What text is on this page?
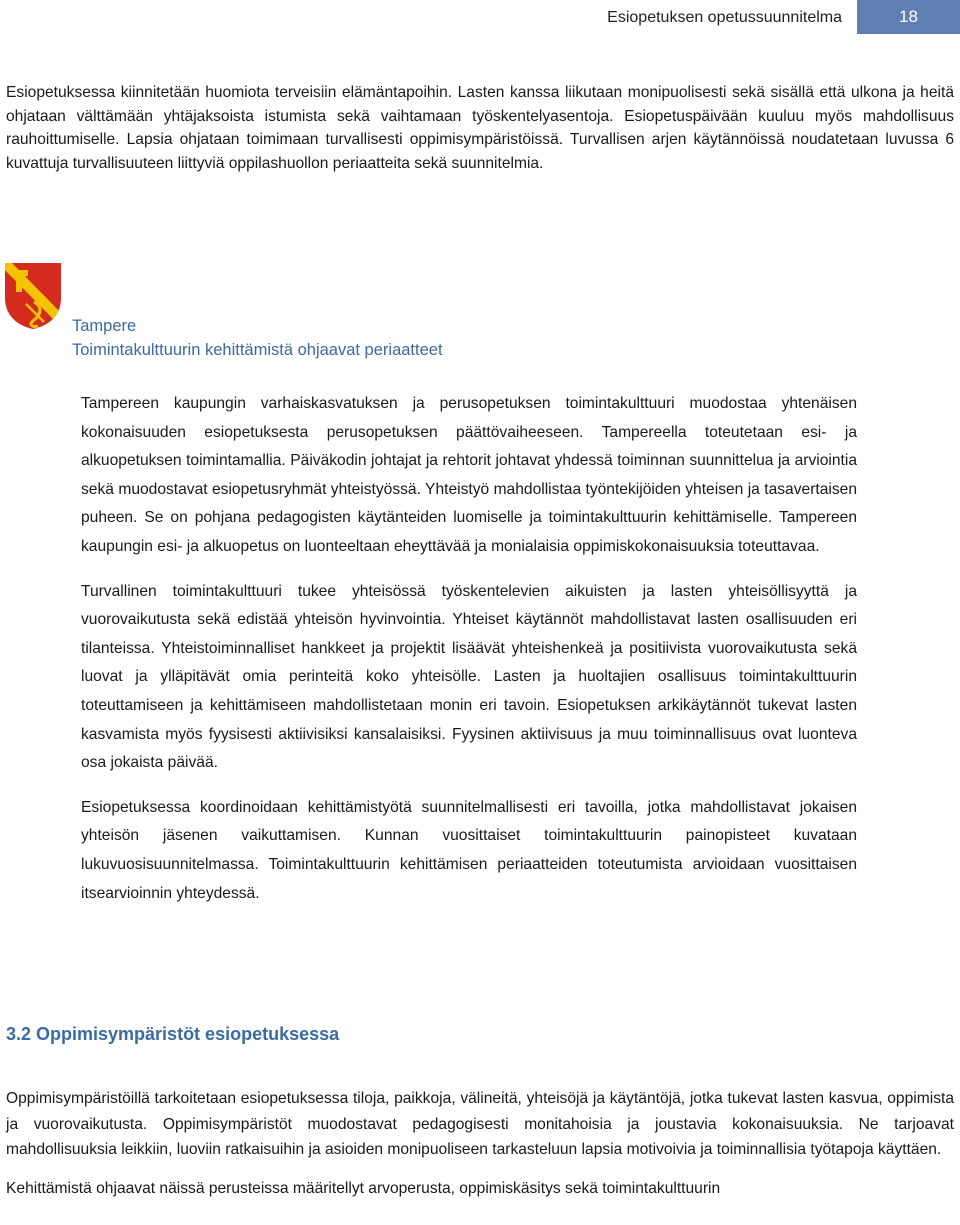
Esiopetuksen opetussuunnitelma	18

Esiopetuksessa kiinnitetään huomiota terveisiin elämäntapoihin. Lasten kanssa liikutaan monipuolisesti sekä sisällä että ulkona ja heitä ohjataan välttämään yhtäjaksoista istumista sekä vaihtamaan työskentelyasentoja. Esiopetuspäivään kuuluu myös mahdollisuus rauhoittumiselle. Lapsia ohjataan toimimaan turvallisesti oppimisympäristöissä. Turvallisen arjen käytännöissä noudatetaan luvussa 6 kuvattuja turvallisuuteen liittyviä oppilashuollon periaatteita sekä suunnitelmia.

Tampere
Toimintakulttuurin kehittämistä ohjaavat periaatteet

Tampereen kaupungin varhaiskasvatuksen ja perusopetuksen toimintakulttuuri muodostaa yhtenäisen kokonaisuuden esiopetuksesta perusopetuksen päättövaiheeseen. Tampereella toteutetaan esi- ja alkuopetuksen toimintamallia. Päiväkodin johtajat ja rehtorit johtavat yhdessä toiminnan suunnittelua ja arviointia sekä muodostavat esiopetusryhmät yhteistyössä. Yhteistyö mahdollistaa työntekijöiden yhteisen ja tasavertaisen puheen. Se on pohjana pedagogisten käytänteiden luomiselle ja toimintakulttuurin kehittämiselle. Tampereen kaupungin esi- ja alkuopetus on luonteeltaan eheyttävää ja monialaisia oppimiskokonaisuuksia toteuttavaa.

Turvallinen toimintakulttuuri tukee yhteisössä työskentelevien aikuisten ja lasten yhteisöllisyyttä ja vuorovaikutusta sekä edistää yhteisön hyvinvointia. Yhteiset käytännöt mahdollistavat lasten osallisuuden eri tilanteissa. Yhteistoiminnalliset hankkeet ja projektit lisäävät yhteishenkeä ja positiivista vuorovaikutusta sekä luovat ja ylläpitävät omia perinteitä koko yhteisölle. Lasten ja huoltajien osallisuus toimintakulttuurin toteuttamiseen ja kehittämiseen mahdollistetaan monin eri tavoin. Esiopetuksen arkikäytännöt tukevat lasten kasvamista myös fyysisesti aktiivisiksi kansalaisiksi. Fyysinen aktiivisuus ja muu toiminnallisuus ovat luonteva osa jokaista päivää.

Esiopetuksessa koordinoidaan kehittämistyötä suunnitelmallisesti eri tavoilla, jotka mahdollistavat jokaisen yhteisön jäsenen vaikuttamisen. Kunnan vuosittaiset toimintakulttuurin painopisteet kuvataan lukuvuosisuunnitelmassa. Toimintakulttuurin kehittämisen periaatteiden toteutumista arvioidaan vuosittaisen itsearvioinnin yhteydessä.

3.2 Oppimisympäristöt esiopetuksessa

Oppimisympäristöillä tarkoitetaan esiopetuksessa tiloja, paikkoja, välineitä, yhteisöjä ja käytäntöjä, jotka tukevat lasten kasvua, oppimista ja vuorovaikutusta. Oppimisympäristöt muodostavat pedagogisesti monitahoisia ja joustavia kokonaisuuksia. Ne tarjoavat mahdollisuuksia leikkiin, luoviin ratkaisuihin ja asioiden monipuoliseen tarkasteluun lapsia motivoivia ja toiminnallisia työtapoja käyttäen.

Kehittämistä ohjaavat näissä perusteissa määritellyt arvoperusta, oppimiskäsitys sekä toimintakulttuurin
